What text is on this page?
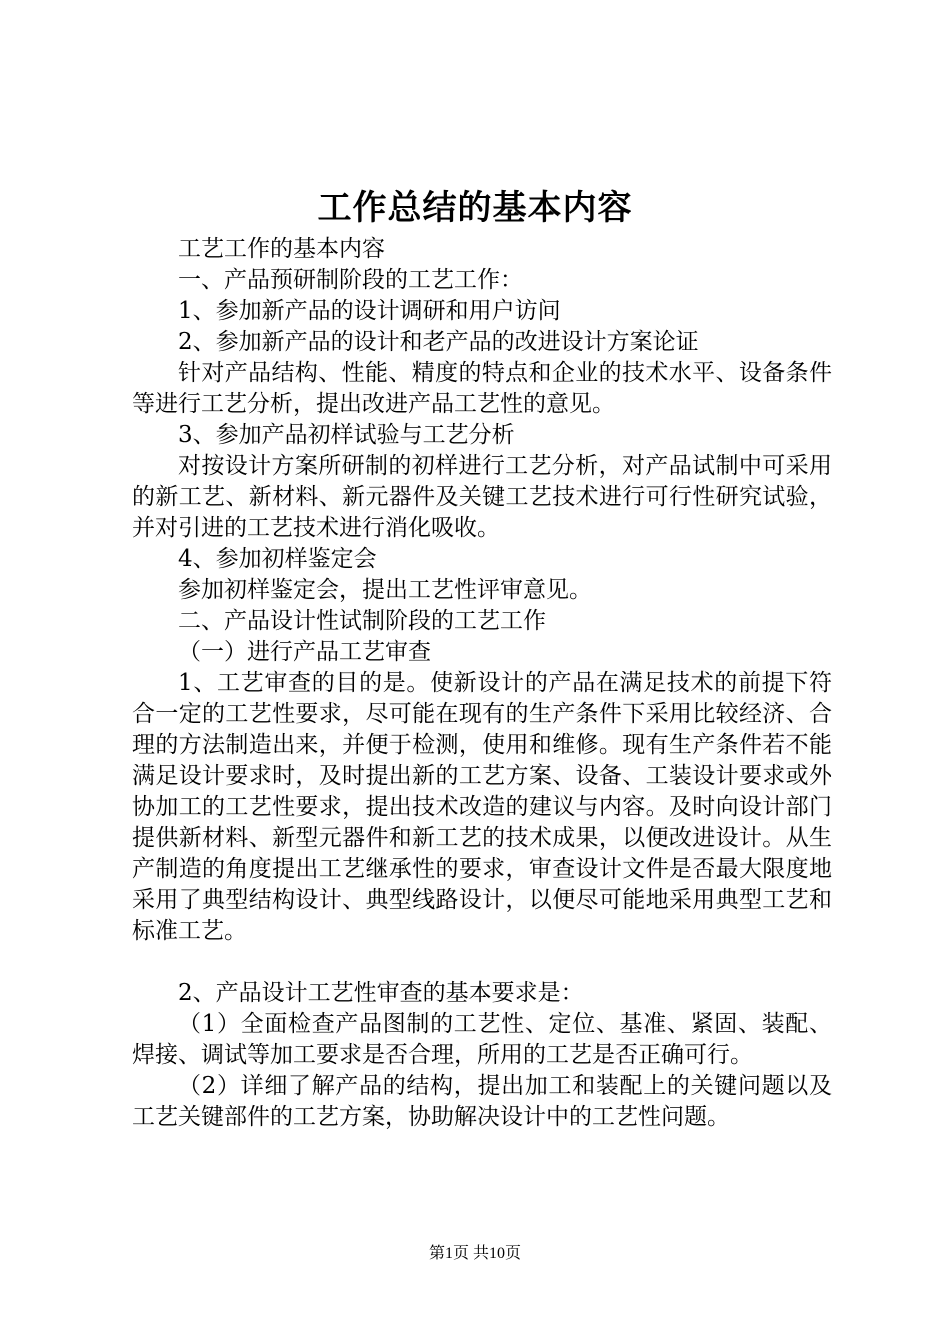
工作总结的基本内容

工艺工作的基本内容

一、产品预研制阶段的工艺工作：

1、参加新产品的设计调研和用户访问

2、参加新产品的设计和老产品的改进设计方案论证

针对产品结构、性能、精度的特点和企业的技术水平、设备条件等进行工艺分析，提出改进产品工艺性的意见。

3、参加产品初样试验与工艺分析

对按设计方案所研制的初样进行工艺分析，对产品试制中可采用的新工艺、新材料、新元器件及关键工艺技术进行可行性研究试验，并对引进的工艺技术进行消化吸收。

4、参加初样鉴定会

参加初样鉴定会，提出工艺性评审意见。

二、产品设计性试制阶段的工艺工作

（一）进行产品工艺审查

1、工艺审查的目的是。使新设计的产品在满足技术的前提下符合一定的工艺性要求，尽可能在现有的生产条件下采用比较经济、合理的方法制造出来，并便于检测，使用和维修。现有生产条件若不能满足设计要求时，及时提出新的工艺方案、设备、工装设计要求或外协加工的工艺性要求，提出技术改造的建议与内容。及时向设计部门提供新材料、新型元器件和新工艺的技术成果，以便改进设计。从生产制造的角度提出工艺继承性的要求，审查设计文件是否最大限度地采用了典型结构设计、典型线路设计，以便尽可能地采用典型工艺和标准工艺。

2、产品设计工艺性审查的基本要求是：

（1）全面检查产品图制的工艺性、定位、基准、紧固、装配、焊接、调试等加工要求是否合理，所用的工艺是否正确可行。

（2）详细了解产品的结构，提出加工和装配上的关键问题以及工艺关键部件的工艺方案，协助解决设计中的工艺性问题。

第1页 共10页
